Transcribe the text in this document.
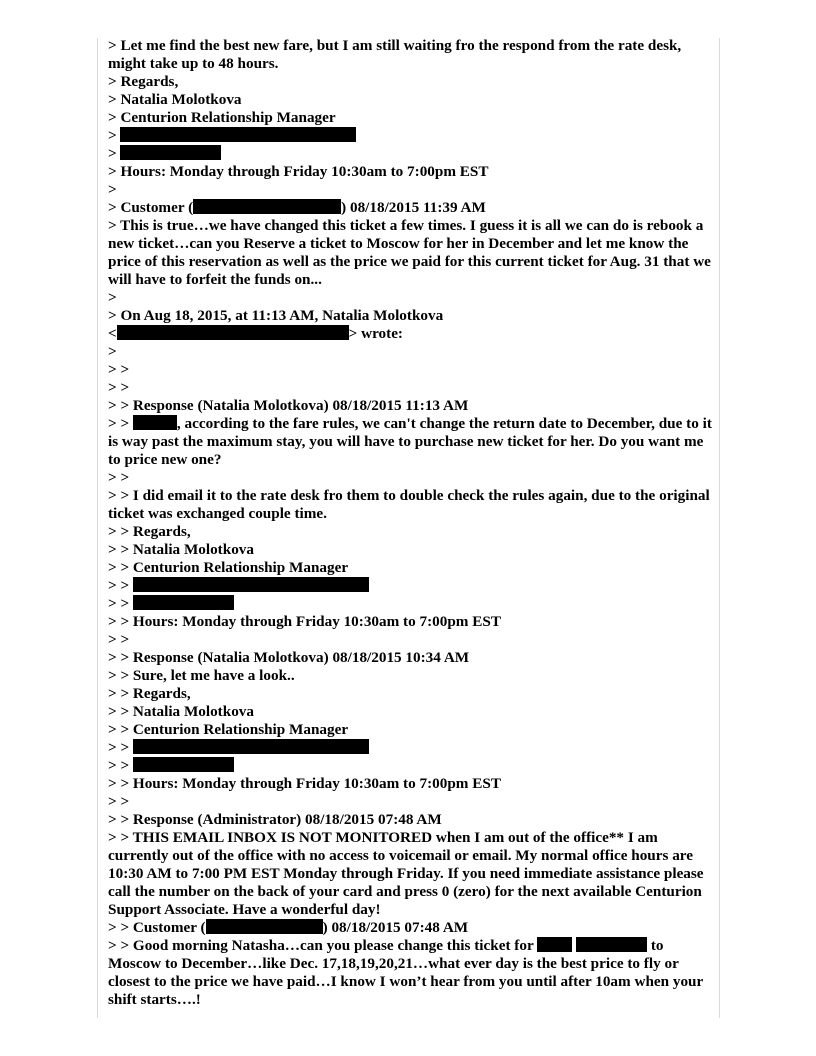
> Let me find the best new fare, but I am still waiting fro the respond from the rate desk, might take up to 48 hours.
> Regards,
> Natalia Molotkova
> Centurion Relationship Manager
>
>
> Hours: Monday through Friday 10:30am to 7:00pm EST
>
> Customer (	) 08/18/2015 11:39 AM
> This is true…we have changed this ticket a few times. I guess it is all we can do is rebook a new ticket…can you Reserve a ticket to Moscow for her in December and let me know the price of this reservation as well as the price we paid for this current ticket for Aug. 31 that we will have to forfeit the funds on...
>
> On Aug 18, 2015, at 11:13 AM, Natalia Molotkova
<	> wrote:
>
> >
> >
> > Response (Natalia Molotkova) 08/18/2015 11:13 AM
> >	, according to the fare rules, we can't change the return date to December, due to it is way past the maximum stay, you will have to purchase new ticket for her. Do you want me to price new one?
> >
> > I did email it to the rate desk fro them to double check the rules again, due to the original ticket was exchanged couple time.
> > Regards,
> > Natalia Molotkova
> > Centurion Relationship Manager
> >
> >
> > Hours: Monday through Friday 10:30am to 7:00pm EST
> >
> > Response (Natalia Molotkova) 08/18/2015 10:34 AM
> > Sure, let me have a look..
> > Regards,
> > Natalia Molotkova
> > Centurion Relationship Manager
> >
> >
> > Hours: Monday through Friday 10:30am to 7:00pm EST
> >
> > Response (Administrator) 08/18/2015 07:48 AM
> > THIS EMAIL INBOX IS NOT MONITORED when I am out of the office** I am currently out of the office with no access to voicemail or email. My normal office hours are 10:30 AM to 7:00 PM EST Monday through Friday. If you need immediate assistance please call the number on the back of your card and press 0 (zero) for the next available Centurion Support Associate. Have a wonderful day!
> > Customer (	) 08/18/2015 07:48 AM
> > Good morning Natasha…can you please change this ticket for	to Moscow to December…like Dec. 17,18,19,20,21…what ever day is the best price to fly or closest to the price we have paid…I know I won’t hear from you until after 10am when your shift starts….!
